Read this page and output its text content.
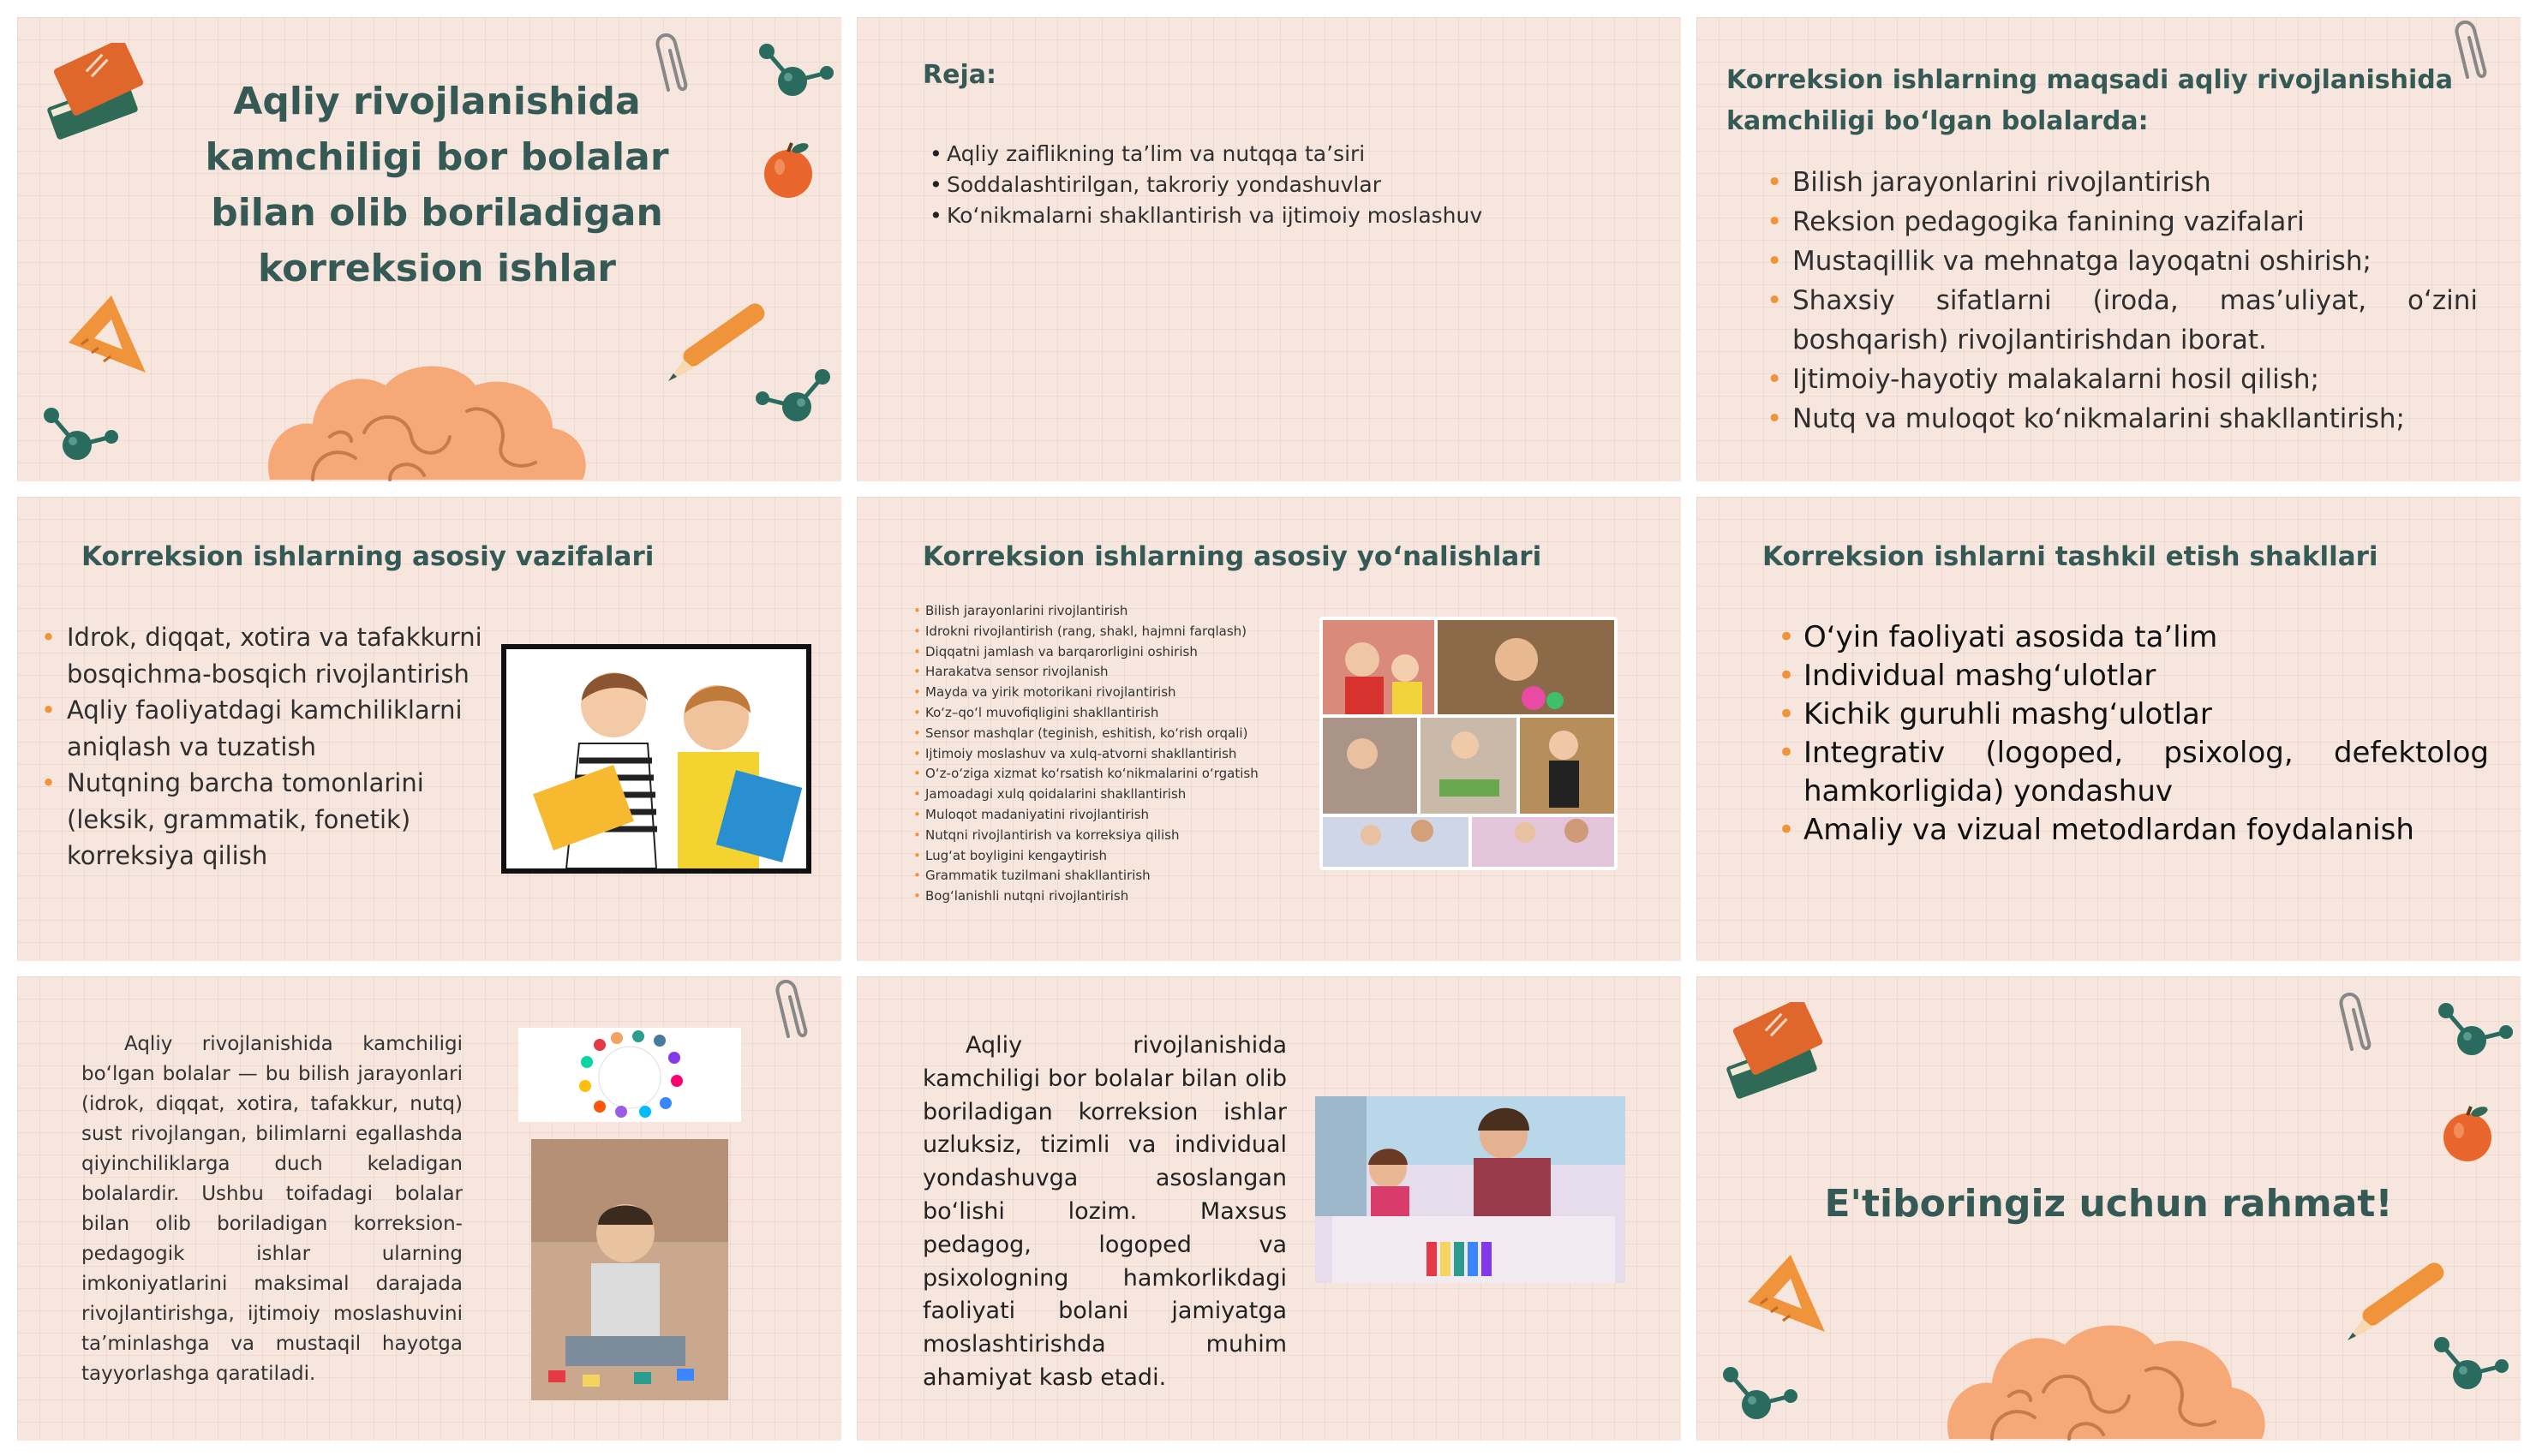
Aqliy rivojlanishida kamchiligi bor bolalar bilan olib boriladigan korreksion ishlar
Reja:
• Aqliy zaiflikning ta’lim va nutqqa ta’siri
• Soddalashtirilgan, takroriy yondashuvlar
• Ko‘nikmalarni shakllantirish va ijtimoiy moslashuv
Korreksion ishlarning maqsadi aqliy rivojlanishida kamchiligi bo‘lgan bolalarda:
• Bilish jarayonlarini rivojlantirish
• Reksion pedagogika fanining vazifalari
• Mustaqillik va mehnatga layoqatni oshirish;
• Shaxsiy sifatlarni (iroda, mas’uliyat, o‘zini boshqarish) rivojlantirishdan iborat.
• Ijtimoiy-hayotiy malakalarni hosil qilish;
• Nutq va muloqot ko‘nikmalarini shakllantirish;
Korreksion ishlarning asosiy vazifalari
• Idrok, diqqat, xotira va tafakkurni bosqichma-bosqich rivojlantirish
• Aqliy faoliyatdagi kamchiliklarni aniqlash va tuzatish
• Nutqning barcha tomonlarini (leksik, grammatik, fonetik) korreksiya qilish
Korreksion ishlarning asosiy yo‘nalishlari
• Bilish jarayonlarini rivojlantirish
• Idrokni rivojlantirish (rang, shakl, hajmni farqlash)
• Diqqatni jamlash va barqarorligini oshirish
• Harakatva sensor rivojlanish
• Mayda va yirik motorikani rivojlantirish
• Ko‘z–qo‘l muvofiqligini shakllantirish
• Sensor mashqlar (teginish, eshitish, ko‘rish orqali)
• Ijtimoiy moslashuv va xulq-atvorni shakllantirish
• O‘z-o‘ziga xizmat ko‘rsatish ko‘nikmalarini o‘rgatish
• Jamoadagi xulq qoidalarini shakllantirish
• Muloqot madaniyatini rivojlantirish
• Nutqni rivojlantirish va korreksiya qilish
• Lug‘at boyligini kengaytirish
• Grammatik tuzilmani shakllantirish
• Bog‘lanishli nutqni rivojlantirish
Korreksion ishlarni tashkil etish shakllari
• O‘yin faoliyati asosida ta’lim
• Individual mashg‘ulotlar
• Kichik guruhli mashg‘ulotlar
• Integrativ (logoped, psixolog, defektolog hamkorligida) yondashuv
• Amaliy va vizual metodlardan foydalanish
Aqliy rivojlanishida kamchiligi bo‘lgan bolalar — bu bilish jarayonlari (idrok, diqqat, xotira, tafakkur, nutq) sust rivojlangan, bilimlarni egallashda qiyinchiliklarga duch keladigan bolalardir. Ushbu toifadagi bolalar bilan olib boriladigan korreksion-pedagogik ishlar ularning imkoniyatlarini maksimal darajada rivojlantirishga, ijtimoiy moslashuvini ta’minlashga va mustaqil hayotga tayyorlashga qaratiladi.
Aqliy rivojlanishida kamchiligi bor bolalar bilan olib boriladigan korreksion ishlar uzluksiz, tizimli va individual yondashuvga asoslangan bo‘lishi lozim. Maxsus pedagog, logoped va psixologning hamkorlikdagi faoliyati bolani jamiyatga moslashtirishda muhim ahamiyat kasb etadi.
E'tiboringiz uchun rahmat!
